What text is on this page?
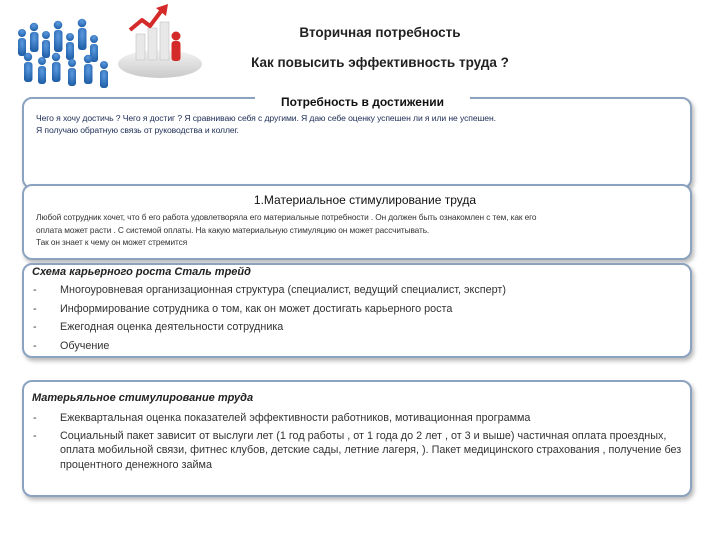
Вторичная потребность
Как повысить эффективность труда ?
Потребность в достижении
Чего я хочу достичь ? Чего я достиг ? Я сравниваю себя с другими. Я даю себе оценку успешен ли я или не успешен.
Я получаю обратную связь от руководства и коллег.
1.Материальное стимулирование труда
Любой сотрудник хочет, что б его работа удовлетворяла его материальные потребности . Он должен быть ознакомлен с тем, как его
оплата может расти . С системой оплаты. На какую материальную стимуляцию он может рассчитывать.
Так он знает к чему он может стремится
Схема карьерного роста Сталь трейд
-	Многоуровневая организационная структура (специалист, ведущий специалист, эксперт)
-	Информирование сотрудника о том, как он может достигать карьерного роста
-	Ежегодная оценка деятельности сотрудника
-	Обучение
Матерьяльное стимулирование труда
-	Ежеквартальная оценка показателей эффективности работников, мотивационная программа
-	Социальный пакет зависит от выслуги лет (1 год работы , от 1 года до 2 лет , от 3 и выше) частичная оплата проездных, оплата мобильной связи, фитнес клубов, детские сады, летние лагеря, ). Пакет медицинского страхования , получение без процентного денежного займа
